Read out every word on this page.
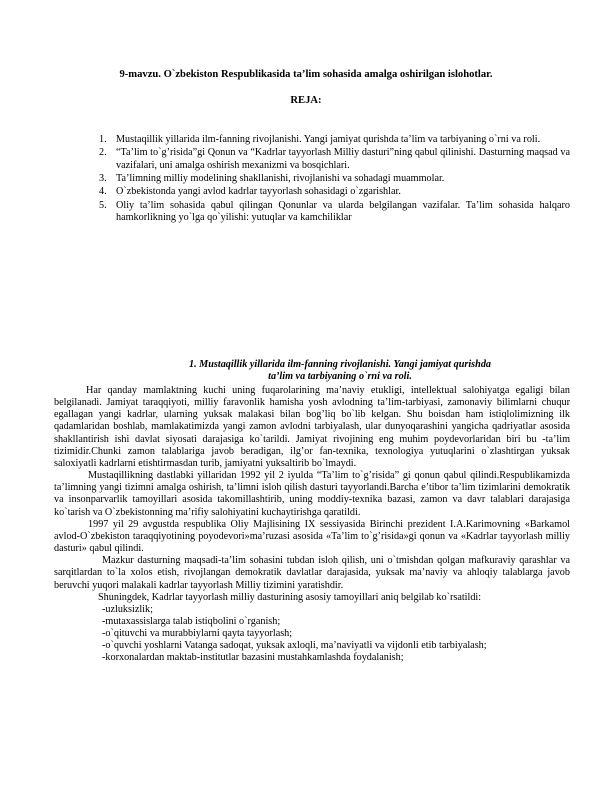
9-mavzu. O`zbekiston Respublikasida ta’lim sohasida amalga oshirilgan islohotlar.
REJA:
1. Mustaqillik yillarida ilm-fanning rivojlanishi. Yangi jamiyat qurishda ta’lim va tarbiyaning o`rni va roli.
2. “Ta’lim to`g’risida”gi Qonun va “Kadrlar tayyorlash Milliy dasturi”ning qabul qilinishi. Dasturning maqsad va vazifalari, uni amalga oshirish mexanizmi va bosqichlari.
3. Ta’limning milliy modelining shakllanishi, rivojlanishi va sohadagi muammolar.
4. O`zbekistonda yangi avlod kadrlar tayyorlash sohasidagi o`zgarishlar.
5. Oliy ta’lim sohasida qabul qilingan Qonunlar va ularda belgilangan vazifalar. Ta’lim sohasida halqaro hamkorlikning yo`lga qo`yilishi: yutuqlar va kamchiliklar
1. Mustaqillik yillarida ilm-fanning rivojlanishi. Yangi jamiyat qurishda
ta’lim va tarbiyaning o`rni va roli.

Har qanday mamlaktning kuchi uning fuqarolarining ma’naviy etukligi, intellektual salohiyatga egaligi bilan belgilanadi. Jamiyat taraqqiyoti, milliy faravonlik hamisha yosh avlodning ta’lim-tarbiyasi, zamonaviy bilimlarni chuqur egallagan yangi kadrlar, ularning yuksak malakasi bilan bog’liq bo`lib kelgan. Shu boisdan ham istiqlolimizning ilk qadamlaridan boshlab, mamlakatimizda yangi zamon avlodni tarbiyalash, ular dunyoqarashini yangicha qadriyatlar asosida shakllantirish ishi davlat siyosati darajasiga ko`tarildi. Jamiyat rivojining eng muhim poydevorlaridan biri bu -ta’lim tizimidir.Chunki zamon talablariga javob beradigan, ilg’or fan-texnika, texnologiya yutuqlarini o`zlashtirgan yuksak saloxiyatli kadrlarni etishtirmasdan turib, jamiyatni yuksaltirib bo`lmaydi.

Mustaqillikning dastlabki yillaridan 1992 yil 2 iyulda “Ta’lim to`g’risida” gi qonun qabul qilindi.Respublikamizda ta’limning yangi tizimni amalga oshirish, ta’limni isloh qilish dasturi tayyorlandi.Barcha e’tibor ta’lim tizimlarini demokratik va insonparvarlik tamoyillari asosida takomillashtirib, uning moddiy-texnika bazasi, zamon va davr talablari darajasiga ko`tarish va O`zbekistonning ma’rifiy salohiyatini kuchaytirishga qaratildi.

1997 yil 29 avgustda respublika Oliy Majlisining IX sessiyasida Birinchi prezident I.A.Karimovning «Barkamol avlod-O`zbekiston taraqqiyotining poyodevori»ma’ruzasi asosida «Ta’lim to`g’risida»gi qonun va «Kadrlar tayyorlash milliy dasturi» qabul qilindi.

Mazkur dasturning maqsadi-ta’lim sohasini tubdan isloh qilish, uni o`tmishdan qolgan mafkuraviy qarashlar va sarqitlardan to`la xolos etish, rivojlangan demokratik davlatlar darajasida, yuksak ma’naviy va ahloqiy talablarga javob beruvchi yuqori malakali kadrlar tayyorlash Milliy tizimini yaratishdir.

Shuningdek, Kadrlar tayyorlash milliy dasturining asosiy tamoyillari aniq belgilab ko`rsatildi:

-uzluksizlik;

-mutaxassislarga talab istiqbolini o`rganish;

-o`qituvchi va murabbiylarni qayta tayyorlash;

-o`quvchi yoshlarni Vatanga sadoqat, yuksak axloqli, ma’naviyatli va vijdonli etib tarbiyalash;

-korxonalardan maktab-institutlar bazasini mustahkamlashda foydalanish;
